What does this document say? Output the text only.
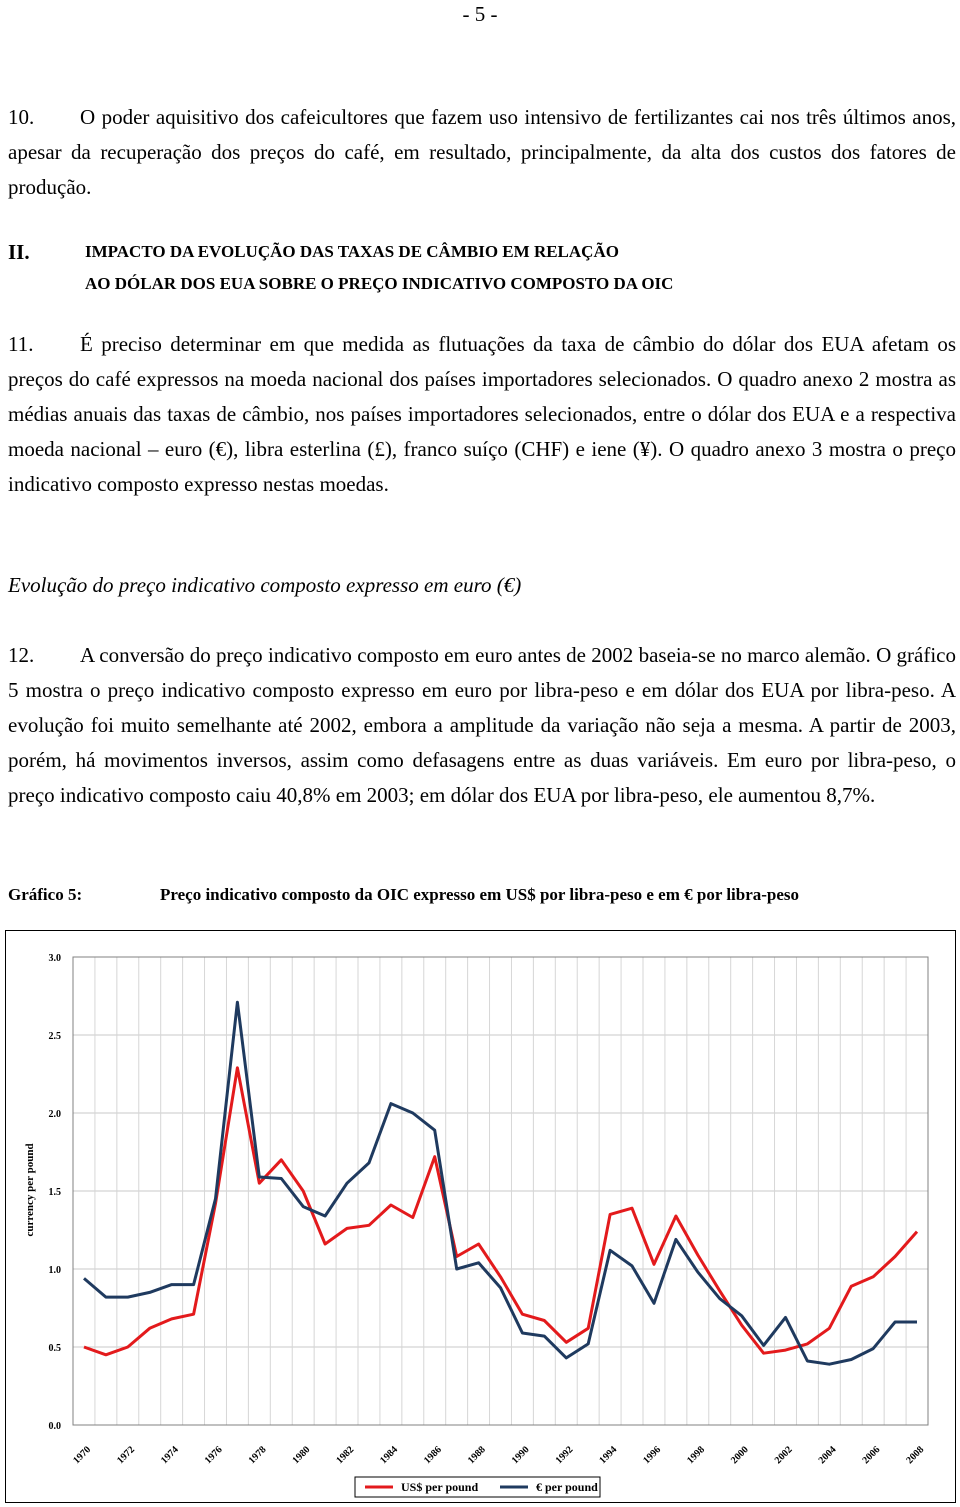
- 5 -

10. O poder aquisitivo dos cafeicultores que fazem uso intensivo de fertilizantes cai nos três últimos anos, apesar da recuperação dos preços do café, em resultado, principalmente, da alta dos custos dos fatores de produção.

II.	IMPACTO DA EVOLUÇÃO DAS TAXAS DE CÂMBIO EM RELAÇÃO
AO DÓLAR DOS EUA SOBRE O PREÇO INDICATIVO COMPOSTO DA OIC

11. É preciso determinar em que medida as flutuações da taxa de câmbio do dólar dos EUA afetam os preços do café expressos na moeda nacional dos países importadores selecionados. O quadro anexo 2 mostra as médias anuais das taxas de câmbio, nos países importadores selecionados, entre o dólar dos EUA e a respectiva moeda nacional – euro (€), libra esterlina (£), franco suíço (CHF) e iene (¥). O quadro anexo 3 mostra o preço indicativo composto expresso nestas moedas.

Evolução do preço indicativo composto expresso em euro (€)

12. A conversão do preço indicativo composto em euro antes de 2002 baseia-se no marco alemão. O gráfico 5 mostra o preço indicativo composto expresso em euro por libra-peso e em dólar dos EUA por libra-peso. A evolução foi muito semelhante até 2002, embora a amplitude da variação não seja a mesma. A partir de 2003, porém, há movimentos inversos, assim como defasagens entre as duas variáveis. Em euro por libra-peso, o preço indicativo composto caiu 40,8% em 2003; em dólar dos EUA por libra-peso, ele aumentou 8,7%.

Gráfico 5:	Preço indicativo composto da OIC expresso em US$ por libra-peso e em € por libra-peso
0.0
0.5
1.0
1.5
2.0
2.5
3.0
1970 1972 1974 1976 1978 1980 1982 1984 1986 1988 1990 1992 1994 1996 1998 2000 2002 2004 2006 2008
currency per pound
US$ per pound	€ per pound
